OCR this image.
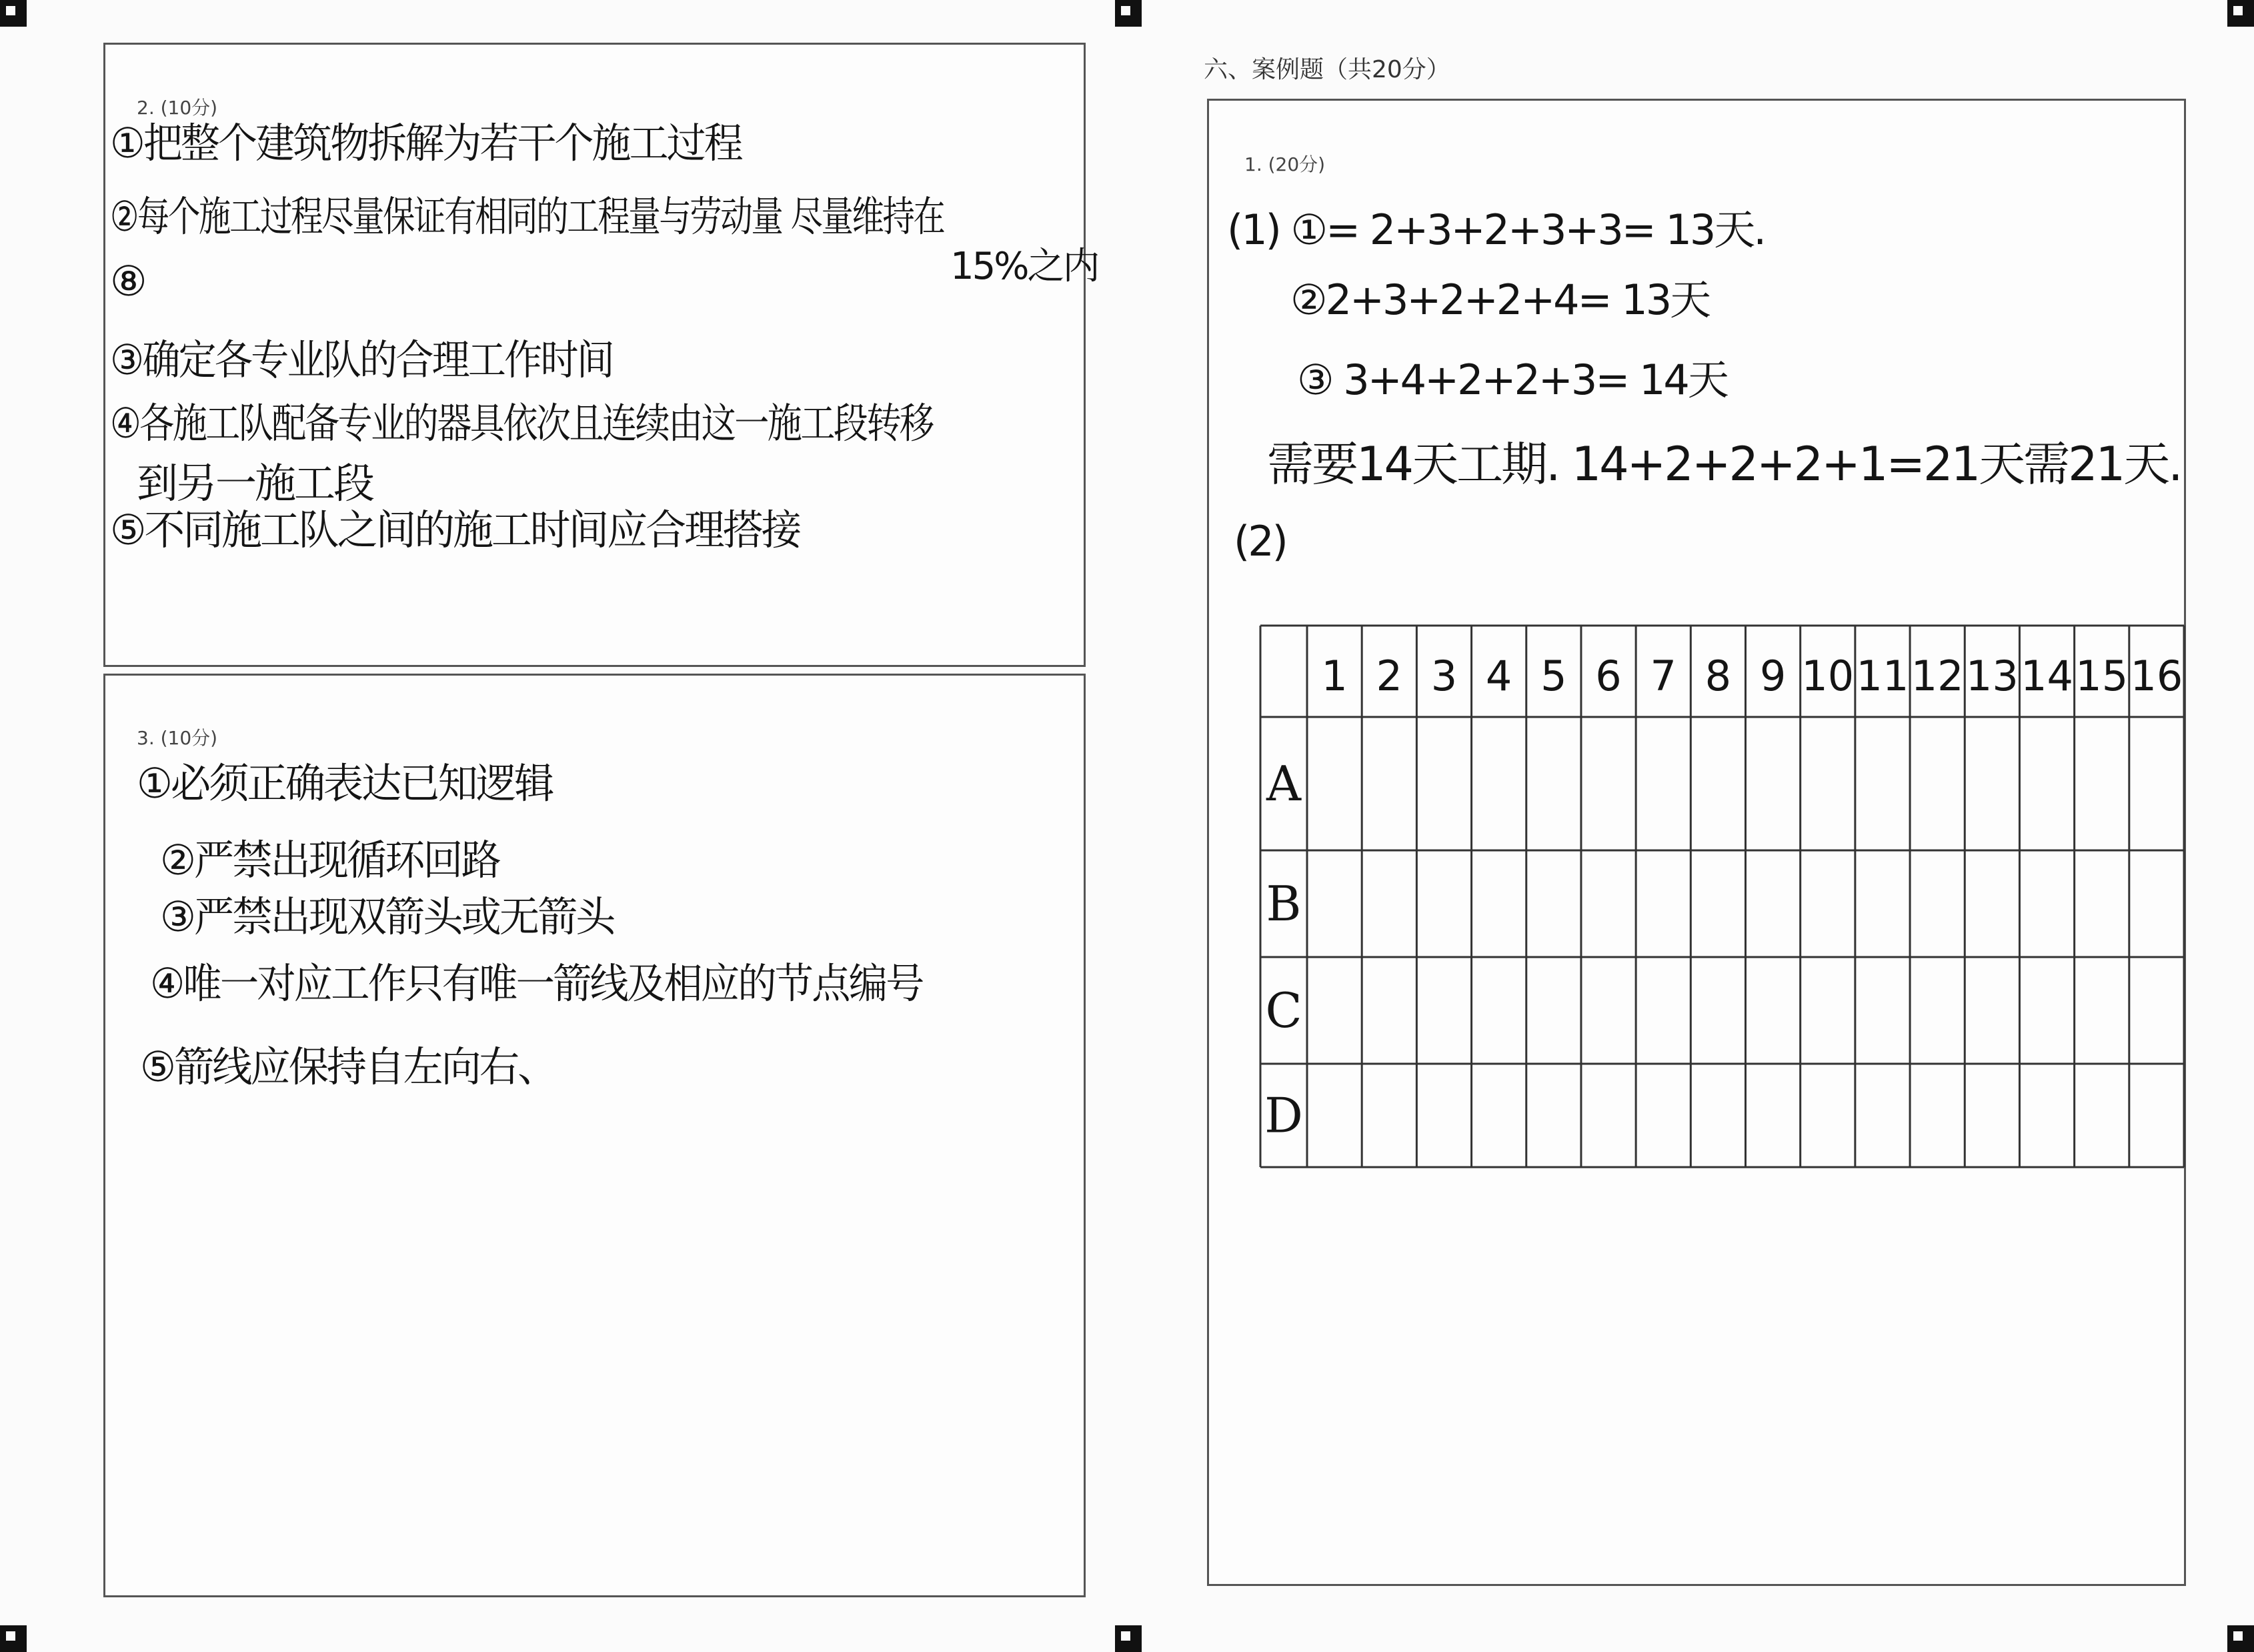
2. (10分)
①把整个建筑物拆解为若干个施工过程
②每个施工过程尽量保证有相同的工程量与劳动量 尽量维持在
15%之内
⑧
③确定各专业队的合理工作时间
④各施工队配备专业的器具依次且连续由这一施工段转移
到另一施工段
⑤不同施工队之间的施工时间应合理搭接
3. (10分)
①必须正确表达已知逻辑
②严禁出现循环回路
③严禁出现双箭头或无箭头
④唯一对应工作只有唯一箭线及相应的节点编号
⑤箭线应保持自左向右、
六、案例题（共20分）
1. (20分)
(1) ①= 2+3+2+3+3= 13天.
②2+3+2+2+4= 13天
③ 3+4+2+2+3= 14天
需要14天工期. 14+2+2+2+1=21天需21天.
(2)
1 2 3 4 5 6 7 8 9 10 11 12 13 14 15 16
A
B
C
D
